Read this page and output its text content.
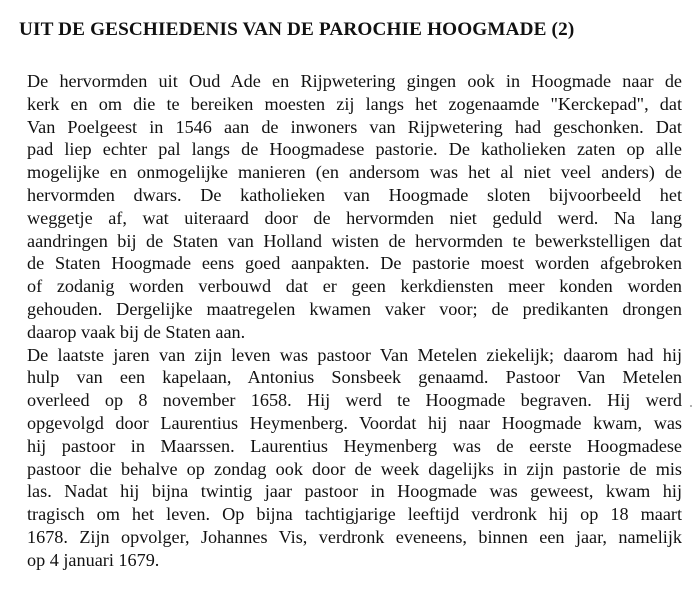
UIT DE GESCHIEDENIS VAN DE PAROCHIE HOOGMADE (2)
De hervormden uit Oud Ade en Rijpwetering gingen ook in Hoogmade naar de
kerk en om die te bereiken moesten zij langs het zogenaamde "Kerckepad", dat
Van Poelgeest in 1546 aan de inwoners van Rijpwetering had geschonken. Dat
pad liep echter pal langs de Hoogmadese pastorie. De katholieken zaten op alle
mogelijke en onmogelijke manieren (en andersom was het al niet veel anders) de
hervormden dwars. De katholieken van Hoogmade sloten bijvoorbeeld het
weggetje af, wat uiteraard door de hervormden niet geduld werd. Na lang
aandringen bij de Staten van Holland wisten de hervormden te bewerkstelligen dat
de Staten Hoogmade eens goed aanpakten. De pastorie moest worden afgebroken
of zodanig worden verbouwd dat er geen kerkdiensten meer konden worden
gehouden. Dergelijke maatregelen kwamen vaker voor; de predikanten drongen
daarop vaak bij de Staten aan.
De laatste jaren van zijn leven was pastoor Van Metelen ziekelijk; daarom had hij
hulp van een kapelaan, Antonius Sonsbeek genaamd. Pastoor Van Metelen
overleed op 8 november 1658. Hij werd te Hoogmade begraven. Hij werd
opgevolgd door Laurentius Heymenberg. Voordat hij naar Hoogmade kwam, was
hij pastoor in Maarssen. Laurentius Heymenberg was de eerste Hoogmadese
pastoor die behalve op zondag ook door de week dagelijks in zijn pastorie de mis
las. Nadat hij bijna twintig jaar pastoor in Hoogmade was geweest, kwam hij
tragisch om het leven. Op bijna tachtigjarige leeftijd verdronk hij op 18 maart
1678. Zijn opvolger, Johannes Vis, verdronk eveneens, binnen een jaar, namelijk
op 4 januari 1679.
